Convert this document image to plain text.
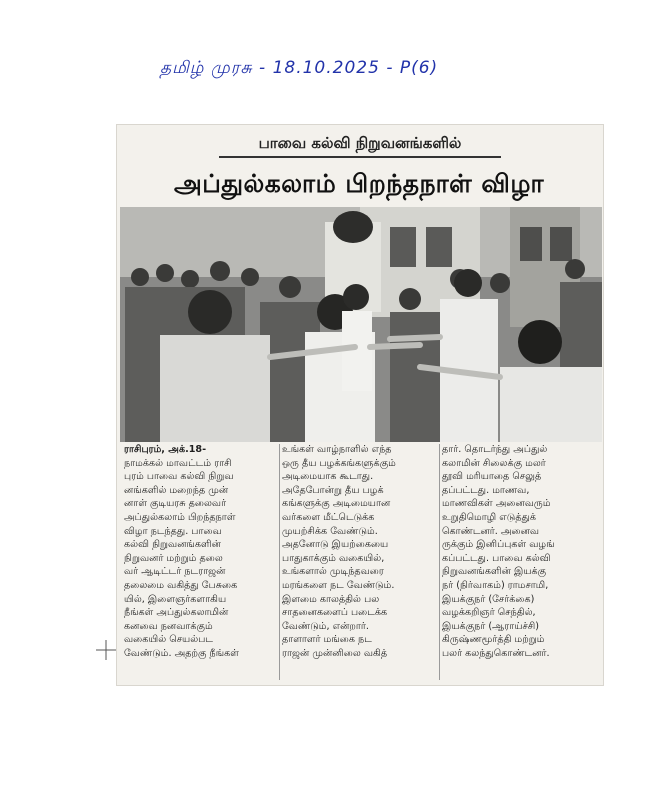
தமிழ் முரசு - 18.10.2025 - P(6)
பாவை கல்வி நிறுவனங்களில்
அப்துல்கலாம் பிறந்தநாள் விழா

ராசிபுரம், அக்.18-

நாமக்கல் மாவட்டம் ராசி

புரம் பாவை கல்வி நிறுவ

னங்களில் மறைந்த முன்

னாள் குடியரசு தலைவர்

அப்துல்கலாம் பிறந்தநாள்

விழா நடந்தது. பாவை

கல்வி நிறுவனங்களின்

நிறுவனர் மற்றும் தலை

வர் ஆடிட்டர் நடராஜன்

தலைமை வகித்து பேசுகை

யில், இளைஞர்களாகிய

நீங்கள் அப்துல்கலாமின்

கனவை நனவாக்கும்

வகையில் செயல்பட

வேண்டும். அதற்கு நீங்கள்

உங்கள் வாழ்நாளில் எந்த

ஒரு தீய பழக்கங்களுக்கும்

அடிமையாக கூடாது.

அதேபோன்று தீய பழக்

கங்களுக்கு அடிமையான

வர்களை மீட்டெடுக்க

முயற்சிக்க வேண்டும்.

அதனோடு இயற்கையை

பாதுகாக்கும் வகையில்,

உங்களால் முடிந்தவரை

மரங்களை நட வேண்டும்.

இளமை காலத்தில் பல

சாதனைகளைப் படைக்க

வேண்டும், என்றார்.

தாளாளர் மங்கை நட

ராஜன் முன்னிலை வகித்

தார். தொடர்ந்து அப்துல்

கலாமின் சிலைக்கு மலர்

தூவி மரியாதை செலுத்

தப்பட்டது. மாணவ,

மாணவிகள் அனைவரும்

உறுதிமொழி எடுத்துக்

கொண்டனர். அனைவ

ருக்கும் இனிப்புகள் வழங்

கப்பட்டது. பாவை கல்வி

நிறுவனங்களின் இயக்கு

நர் (நிர்வாகம்) ராமசாமி,

இயக்குநர் (சேர்க்கை)

வழக்கறிஞர் செந்தில்,

இயக்குநர் (ஆராய்ச்சி)

கிருஷ்ணமூர்த்தி மற்றும்

பலர் கலந்துகொண்டனர்.
